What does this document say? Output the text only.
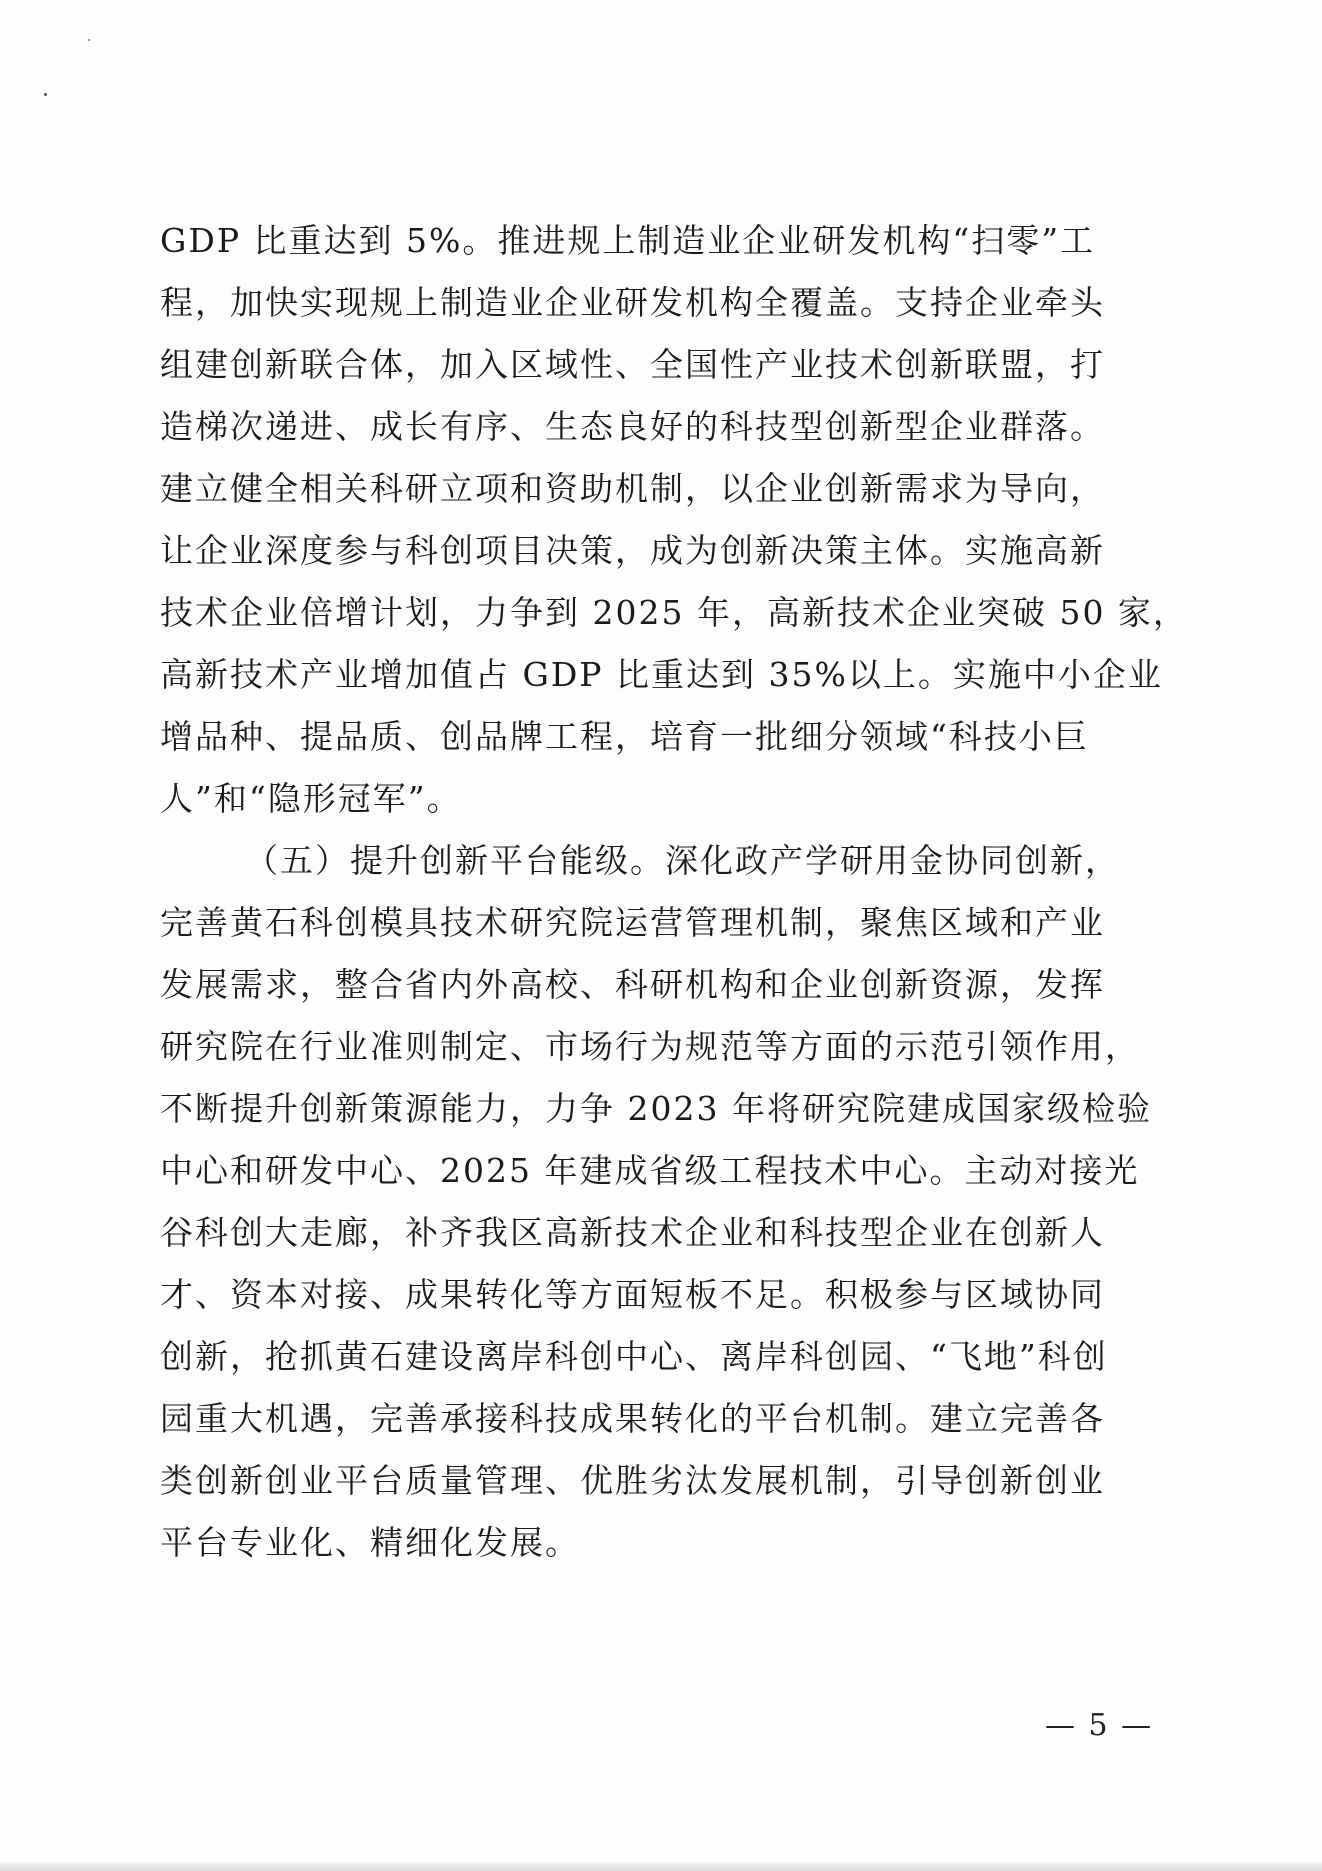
GDP 比重达到 5%。推进规上制造业企业研发机构“扫零”工
程，加快实现规上制造业企业研发机构全覆盖。支持企业牵头
组建创新联合体，加入区域性、全国性产业技术创新联盟，打
造梯次递进、成长有序、生态良好的科技型创新型企业群落。
建立健全相关科研立项和资助机制，以企业创新需求为导向，
让企业深度参与科创项目决策，成为创新决策主体。实施高新
技术企业倍增计划，力争到 2025 年，高新技术企业突破 50 家，
高新技术产业增加值占 GDP 比重达到 35%以上。实施中小企业
增品种、提品质、创品牌工程，培育一批细分领域“科技小巨
人”和“隐形冠军”。
（五）提升创新平台能级。深化政产学研用金协同创新，
完善黄石科创模具技术研究院运营管理机制，聚焦区域和产业
发展需求，整合省内外高校、科研机构和企业创新资源，发挥
研究院在行业准则制定、市场行为规范等方面的示范引领作用，
不断提升创新策源能力，力争 2023 年将研究院建成国家级检验
中心和研发中心、2025 年建成省级工程技术中心。主动对接光
谷科创大走廊，补齐我区高新技术企业和科技型企业在创新人
才、资本对接、成果转化等方面短板不足。积极参与区域协同
创新，抢抓黄石建设离岸科创中心、离岸科创园、“飞地”科创
园重大机遇，完善承接科技成果转化的平台机制。建立完善各
类创新创业平台质量管理、优胜劣汰发展机制，引导创新创业
平台专业化、精细化发展。
— 5 —
